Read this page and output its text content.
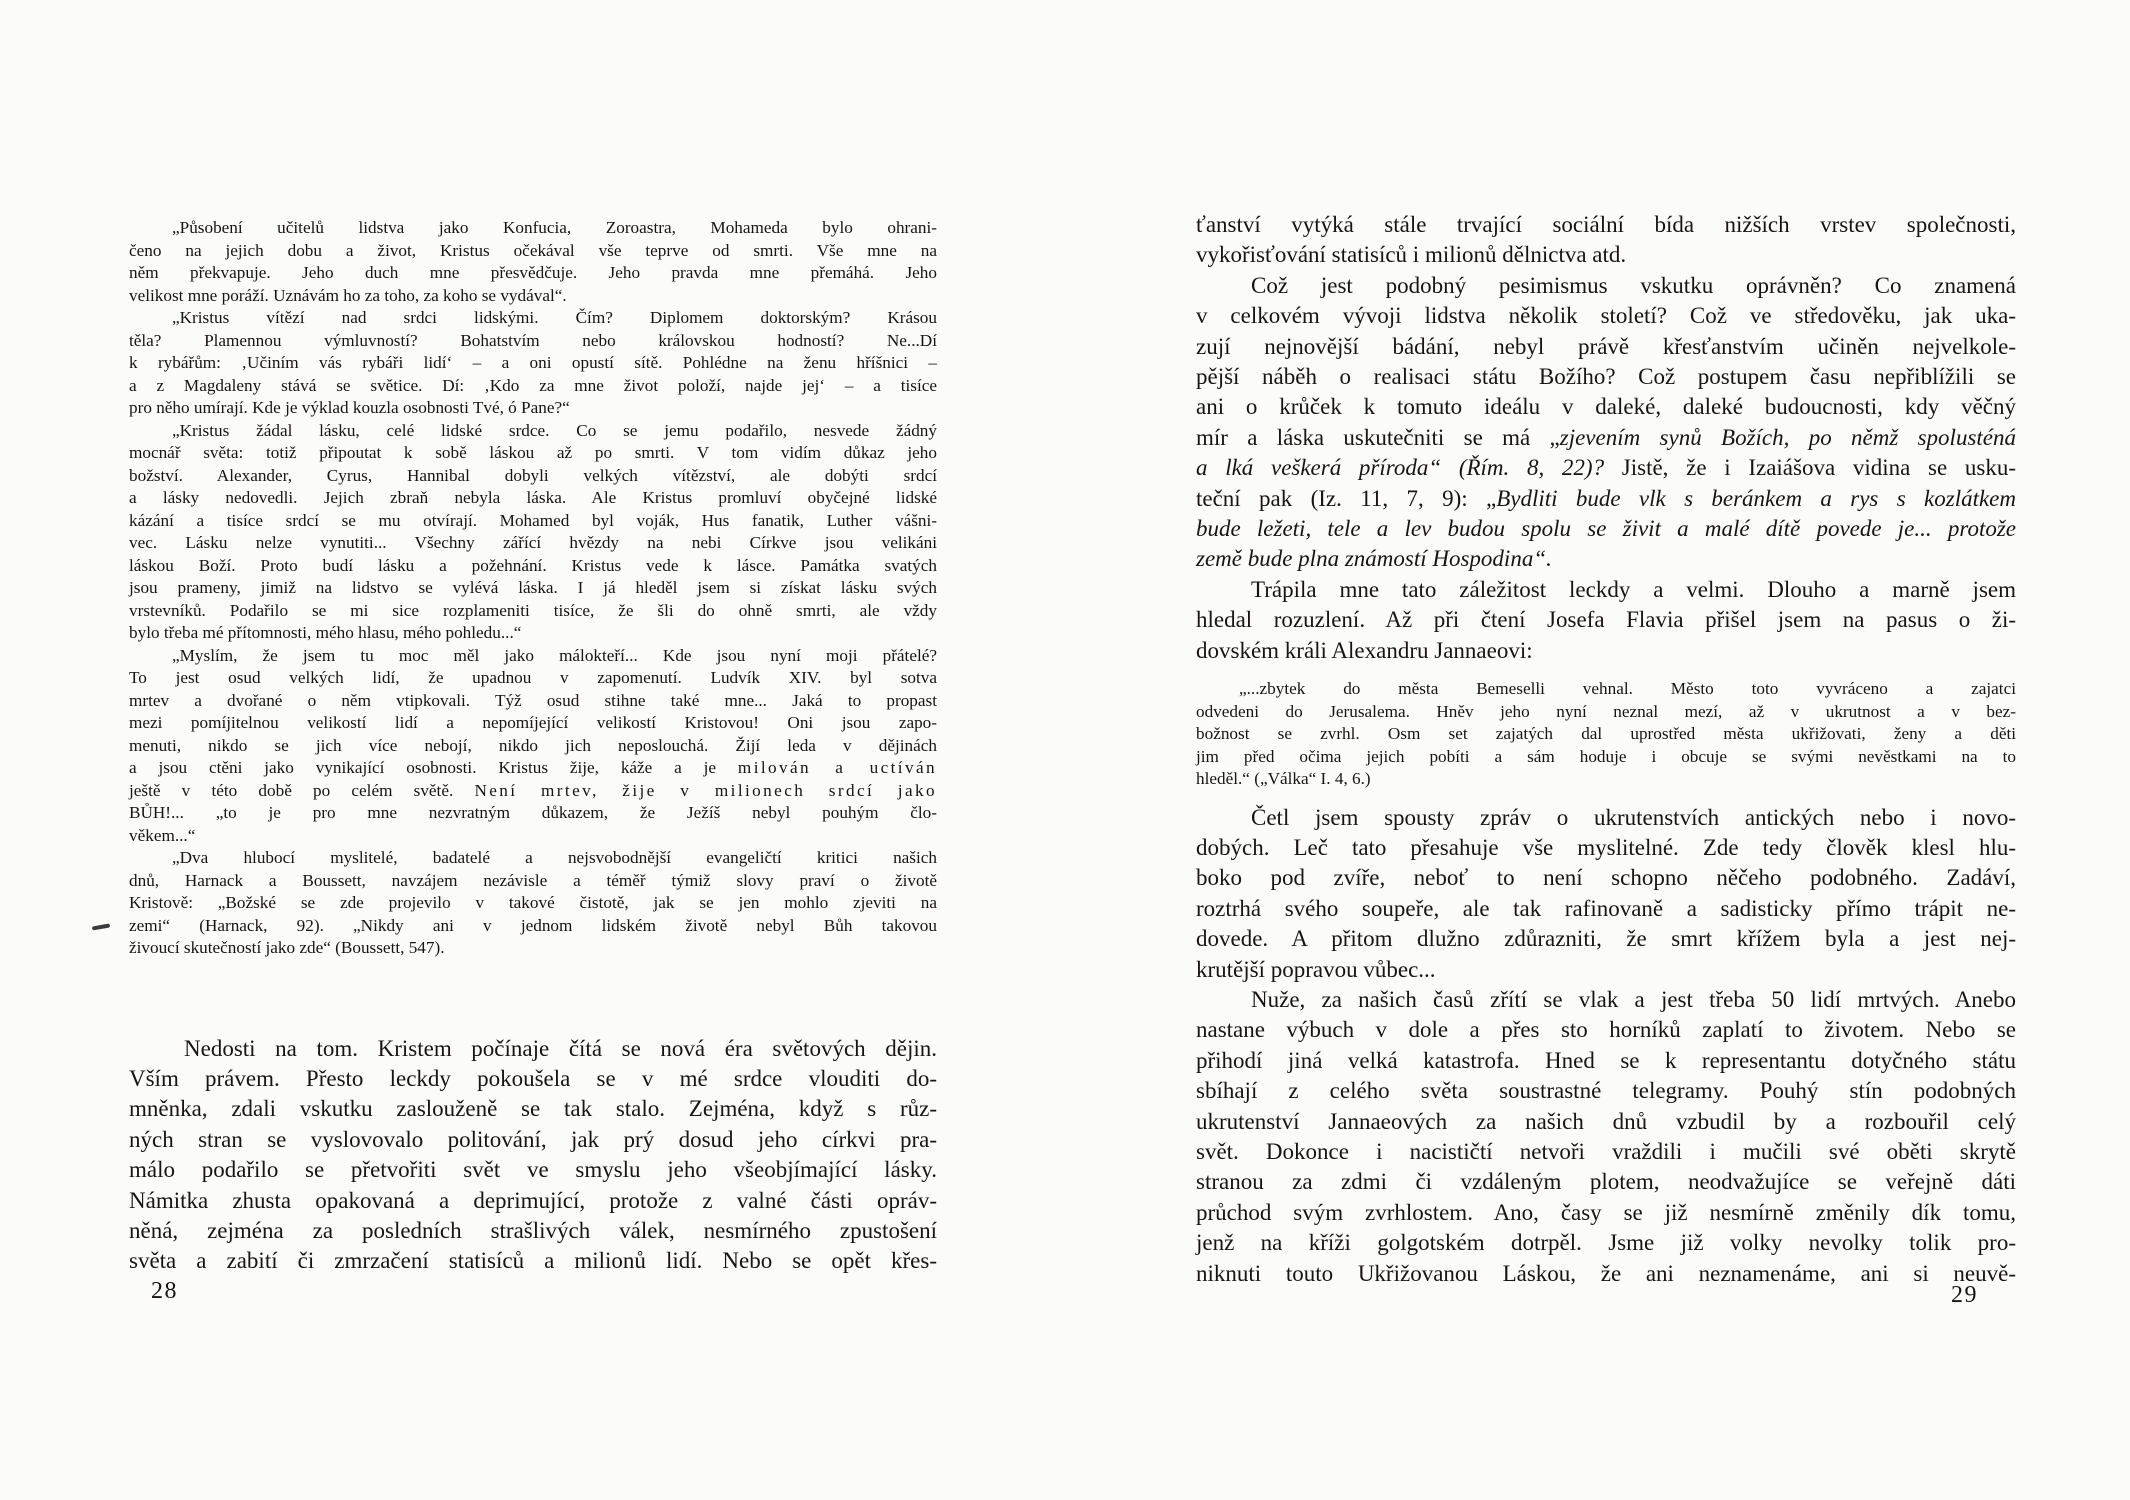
„Působení učitelů lidstva jako Konfucia, Zoroastra, Mohameda bylo ohrani-
čeno na jejich dobu a život, Kristus očekával vše teprve od smrti. Vše mne na
něm překvapuje. Jeho duch mne přesvědčuje. Jeho pravda mne přemáhá. Jeho
velikost mne poráží. Uznávám ho za toho, za koho se vydával“.
„Kristus vítězí nad srdci lidskými. Čím? Diplomem doktorským? Krásou
těla? Plamennou výmluvností? Bohatstvím nebo královskou hodností? Ne...Dí
k rybářům: ‚Učiním vás rybáři lidí‘ – a oni opustí sítě. Pohlédne na ženu hříšnici –
a z Magdaleny stává se světice. Dí: ‚Kdo za mne život položí, najde jej‘ – a tisíce
pro něho umírají. Kde je výklad kouzla osobnosti Tvé, ó Pane?“
„Kristus žádal lásku, celé lidské srdce. Co se jemu podařilo, nesvede žádný
mocnář světa: totiž připoutat k sobě láskou až po smrti. V tom vidím důkaz jeho
božství. Alexander, Cyrus, Hannibal dobyli velkých vítězství, ale dobýti srdcí
a lásky nedovedli. Jejich zbraň nebyla láska. Ale Kristus promluví obyčejné lidské
kázání a tisíce srdcí se mu otvírají. Mohamed byl voják, Hus fanatik, Luther vášni-
vec. Lásku nelze vynutiti... Všechny zářící hvězdy na nebi Církve jsou velikáni
láskou Boží. Proto budí lásku a požehnání. Kristus vede k lásce. Památka svatých
jsou prameny, jimiž na lidstvo se vylévá láska. I já hleděl jsem si získat lásku svých
vrstevníků. Podařilo se mi sice rozplameniti tisíce, že šli do ohně smrti, ale vždy
bylo třeba mé přítomnosti, mého hlasu, mého pohledu...“
„Myslím, že jsem tu moc měl jako málokteří... Kde jsou nyní moji přátelé?
To jest osud velkých lidí, že upadnou v zapomenutí. Ludvík XIV. byl sotva
mrtev a dvořané o něm vtipkovali. Týž osud stihne také mne... Jaká to propast
mezi pomíjitelnou velikostí lidí a nepomíjející velikostí Kristovou! Oni jsou zapo-
menuti, nikdo se jich více nebojí, nikdo jich neposlouchá. Žijí leda v dějinách
a jsou ctěni jako vynikající osobnosti. Kristus žije, káže a je milován a uctíván
ještě v této době po celém světě. Není mrtev, žije v milionech srdcí jako
BŮH!... „to je pro mne nezvratným důkazem, že Ježíš nebyl pouhým člo-
věkem...“
„Dva hlubocí myslitelé, badatelé a nejsvobodnější evangeličtí kritici našich
dnů, Harnack a Boussett, navzájem nezávisle a téměř týmiž slovy praví o životě
Kristově: „Božské se zde projevilo v takové čistotě, jak se jen mohlo zjeviti na
zemi“ (Harnack, 92). „Nikdy ani v jednom lidském životě nebyl Bůh takovou
živoucí skutečností jako zde“ (Boussett, 547).
Nedosti na tom. Kristem počínaje čítá se nová éra světových dějin.
Vším právem. Přesto leckdy pokoušela se v mé srdce vlouditi do-
mněnka, zdali vskutku zaslouženě se tak stalo. Zejména, když s růz-
ných stran se vyslovovalo politování, jak prý dosud jeho církvi pra-
málo podařilo se přetvořiti svět ve smyslu jeho všeobjímající lásky.
Námitka zhusta opakovaná a deprimující, protože z valné části opráv-
něná, zejména za posledních strašlivých válek, nesmírného zpustošení
světa a zabití či zmrzačení statisíců a milionů lidí. Nebo se opět křes-
ťanství vytýká stále trvající sociální bída nižších vrstev společnosti,
vykořisťování statisíců i milionů dělnictva atd.
Což jest podobný pesimismus vskutku oprávněn? Co znamená
v celkovém vývoji lidstva několik století? Což ve středověku, jak uka-
zují nejnovější bádání, nebyl právě křesťanstvím učiněn nejvelkole-
pější náběh o realisaci státu Božího? Což postupem času nepřiblížili se
ani o krůček k tomuto ideálu v daleké, daleké budoucnosti, kdy věčný
mír a láska uskutečniti se má „zjevením synů Božích, po němž spolusténá
a lká veškerá příroda“ (Řím. 8, 22)? Jistě, že i Izaiášova vidina se usku-
teční pak (Iz. 11, 7, 9): „Bydliti bude vlk s beránkem a rys s kozlátkem
bude ležeti, tele a lev budou spolu se živit a malé dítě povede je... protože
země bude plna známostí Hospodina“.
Trápila mne tato záležitost leckdy a velmi. Dlouho a marně jsem
hledal rozuzlení. Až při čtení Josefa Flavia přišel jsem na pasus o ži-
dovském králi Alexandru Jannaeovi:
„...zbytek do města Bemeselli vehnal. Město toto vyvráceno a zajatci
odvedeni do Jerusalema. Hněv jeho nyní neznal mezí, až v ukrutnost a v bez-
božnost se zvrhl. Osm set zajatých dal uprostřed města ukřižovati, ženy a děti
jim před očima jejich pobíti a sám hoduje i obcuje se svými nevěstkami na to
hleděl.“ („Válka“ I. 4, 6.)
Četl jsem spousty zpráv o ukrutenstvích antických nebo i novo-
dobých. Leč tato přesahuje vše myslitelné. Zde tedy člověk klesl hlu-
boko pod zvíře, neboť to není schopno něčeho podobného. Zadáví,
roztrhá svého soupeře, ale tak rafinovaně a sadisticky přímo trápit ne-
dovede. A přitom dlužno zdůrazniti, že smrt křížem byla a jest nej-
krutější popravou vůbec...
Nuže, za našich časů zřítí se vlak a jest třeba 50 lidí mrtvých. Anebo
nastane výbuch v dole a přes sto horníků zaplatí to životem. Nebo se
přihodí jiná velká katastrofa. Hned se k representantu dotyčného státu
sbíhají z celého světa soustrastné telegramy. Pouhý stín podobných
ukrutenství Jannaeových za našich dnů vzbudil by a rozbouřil celý
svět. Dokonce i nacističtí netvoři vraždili i mučili své oběti skrytě
stranou za zdmi či vzdáleným plotem, neodvažujíce se veřejně dáti
průchod svým zvrhlostem. Ano, časy se již nesmírně změnily dík tomu,
jenž na kříži golgotském dotrpěl. Jsme již volky nevolky tolik pro-
niknuti touto Ukřižovanou Láskou, že ani neznamenáme, ani si neuvě-
28	29
